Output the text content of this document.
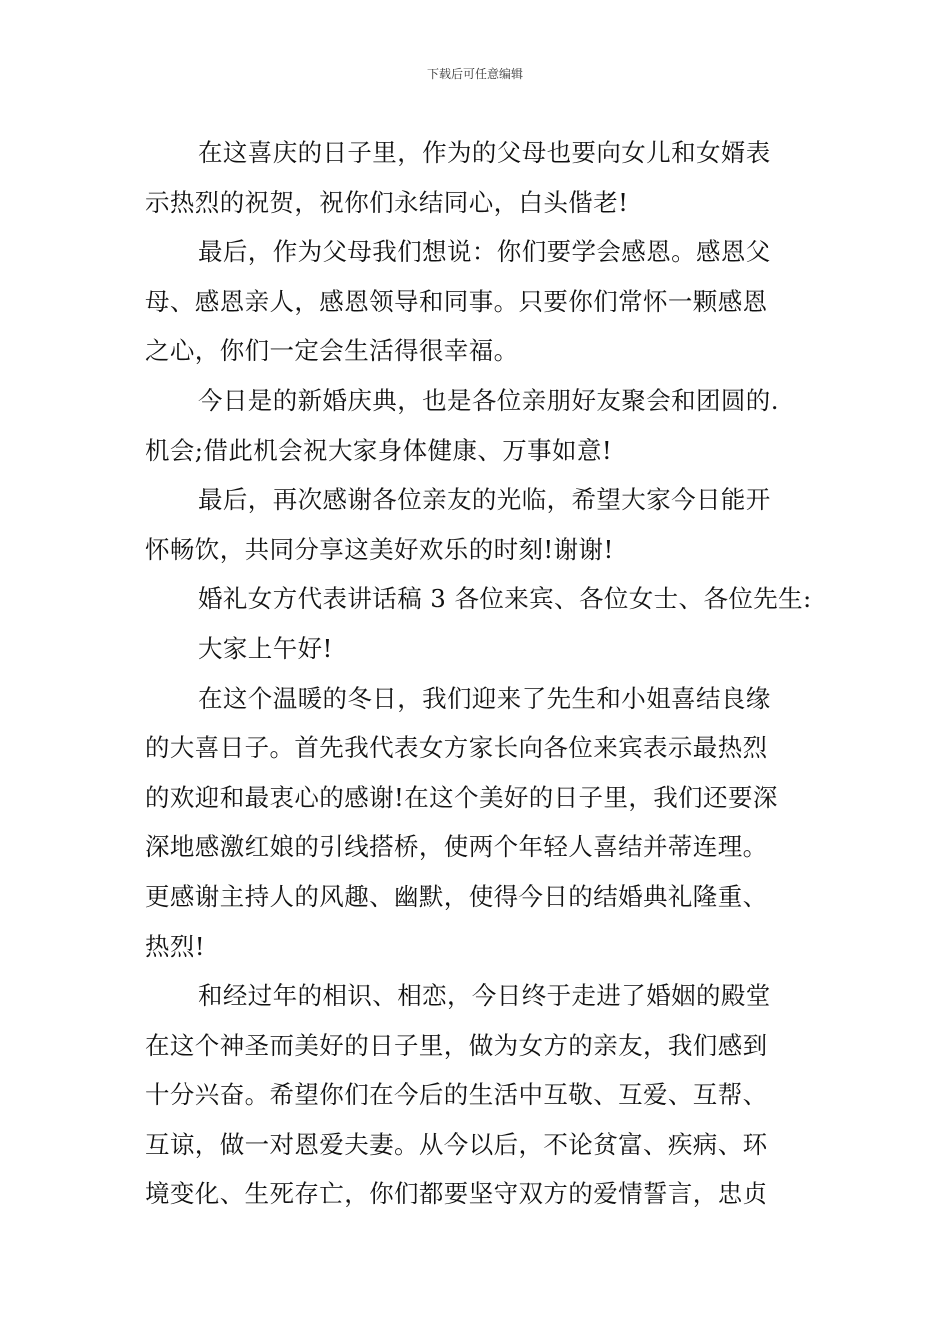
下载后可任意编辑
在这喜庆的日子里，作为的父母也要向女儿和女婿表
示热烈的祝贺，祝你们永结同心，白头偕老!
最后，作为父母我们想说：你们要学会感恩。感恩父
母、感恩亲人，感恩领导和同事。只要你们常怀一颗感恩
之心，你们一定会生活得很幸福。
今日是的新婚庆典，也是各位亲朋好友聚会和团圆的.
机会;借此机会祝大家身体健康、万事如意!
最后，再次感谢各位亲友的光临，希望大家今日能开
怀畅饮，共同分享这美好欢乐的时刻!谢谢!
婚礼女方代表讲话稿 3 各位来宾、各位女士、各位先生:
大家上午好!
在这个温暖的冬日，我们迎来了先生和小姐喜结良缘
的大喜日子。首先我代表女方家长向各位来宾表示最热烈
的欢迎和最衷心的感谢!在这个美好的日子里，我们还要深
深地感激红娘的引线搭桥，使两个年轻人喜结并蒂连理。
更感谢主持人的风趣、幽默，使得今日的结婚典礼隆重、
热烈!
和经过年的相识、相恋，今日终于走进了婚姻的殿堂
在这个神圣而美好的日子里，做为女方的亲友，我们感到
十分兴奋。希望你们在今后的生活中互敬、互爱、互帮、
互谅，做一对恩爱夫妻。从今以后，不论贫富、疾病、环
境变化、生死存亡，你们都要坚守双方的爱情誓言，忠贞
